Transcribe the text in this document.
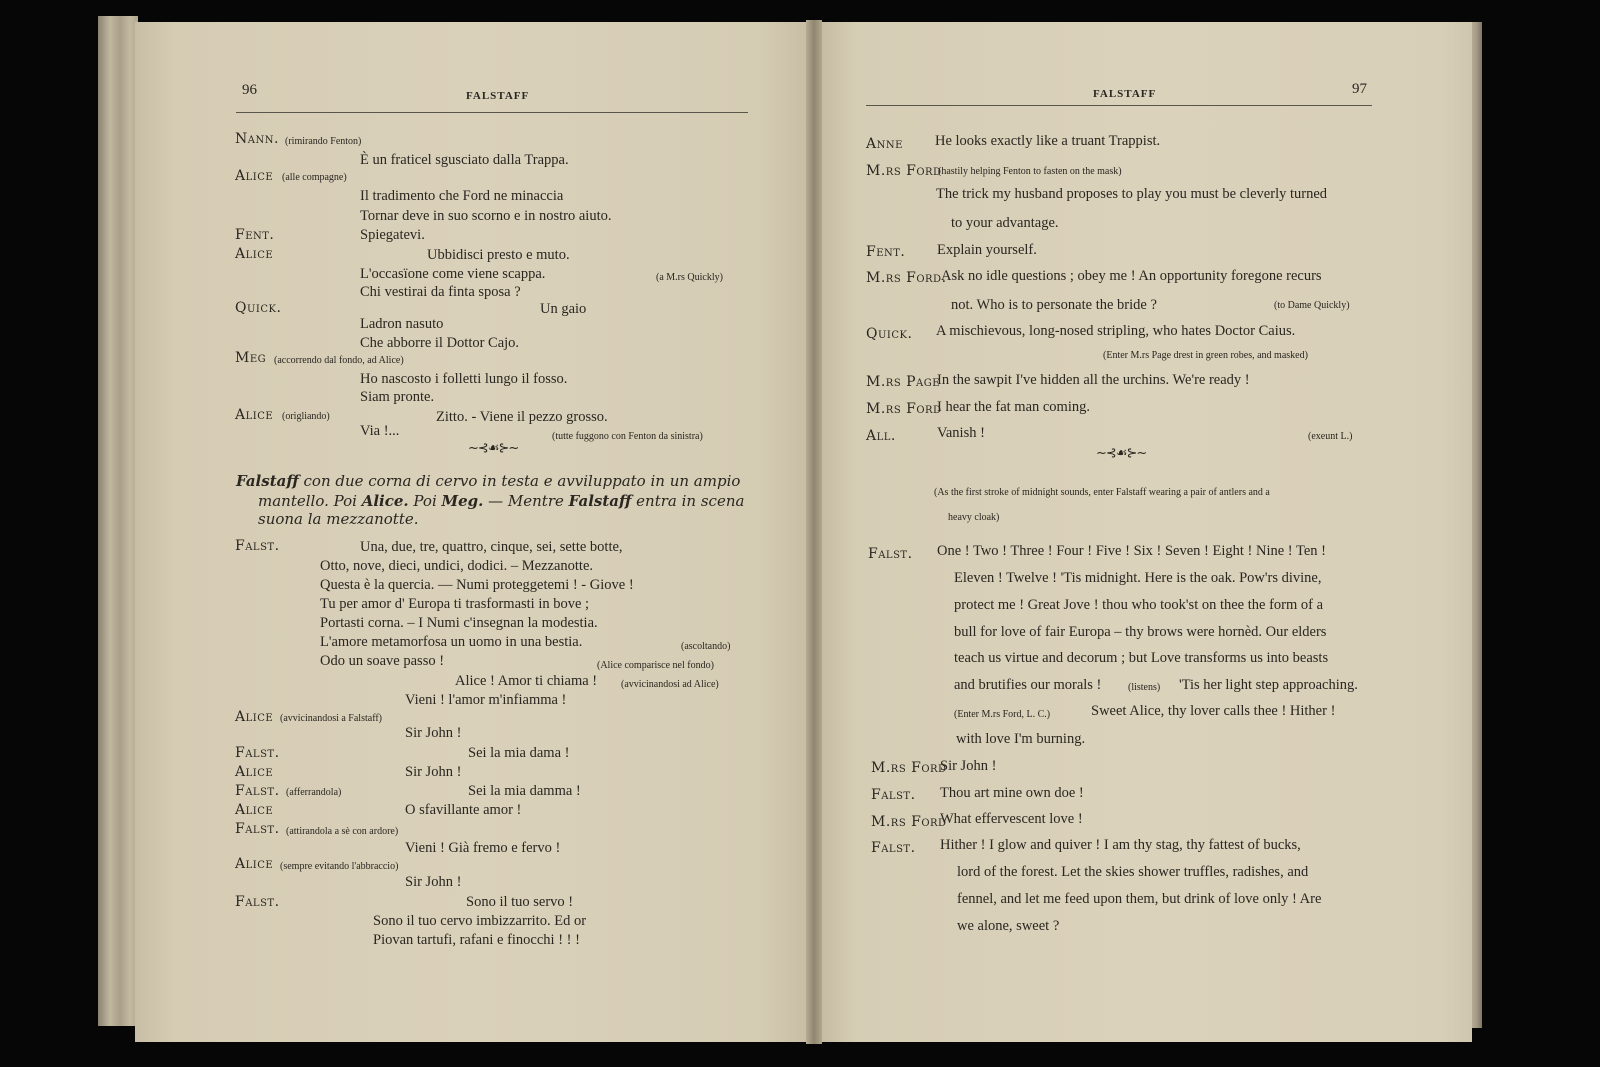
96	FALSTAFF
Nann. (rimirando Fenton)
È un fraticel sgusciato dalla Trappa.
Alice (alle compagne)
Il tradimento che Ford ne minaccia
Tornar deve in suo scorno e in nostro aiuto.
Fent.	Spiegatevi.
Alice	Ubbidisci presto e muto.
L'occasïone come viene scappa.	(a M.rs Quickly)
Chi vestirai da finta sposa ?
Quick.	Un gaio
Ladron nasuto
Che abborre il Dottor Cajo.
Meg (accorrendo dal fondo, ad Alice)
Ho nascosto i folletti lungo il fosso.
Siam pronte.
Alice (origliando)	Zitto. - Viene il pezzo grosso.
Via !...	(tutte fuggono con Fenton da sinistra)
~⊰☙⊱~
Falstaff con due corna di cervo in testa e avviluppato in un ampio
mantello. Poi Alice. Poi Meg. — Mentre Falstaff entra in scena
suona la mezzanotte.
Falst.	Una, due, tre, quattro, cinque, sei, sette botte,
Otto, nove, dieci, undici, dodici. – Mezzanotte.
Questa è la quercia. — Numi proteggetemi ! - Giove !
Tu per amor d' Europa ti trasformasti in bove ;
Portasti corna. – I Numi c'insegnan la modestia.
L'amore metamorfosa un uomo in una bestia.	(ascoltando)
Odo un soave passo !	(Alice comparisce nel fondo)
Alice ! Amor ti chiama ! (avvicinandosi ad Alice)
Vieni ! l'amor m'infiamma !
Alice (avvicinandosi a Falstaff)
Sir John !
Falst.	Sei la mia dama !
Alice	Sir John !
Falst. (afferrandola)	Sei la mia damma !
Alice	O sfavillante amor !
Falst. (attirandola a sè con ardore)
Vieni ! Già fremo e fervo !
Alice (sempre evitando l'abbraccio)
Sir John !
Falst.	Sono il tuo servo !
Sono il tuo cervo imbizzarrito. Ed or
Piovan tartufi, rafani e finocchi ! ! !
FALSTAFF	97
Anne He looks exactly like a truant Trappist.
M.rs Ford
(hastily helping Fenton to fasten on the mask)
The trick my husband proposes to play you must be cleverly turned
to your advantage.
Fent. Explain yourself.
M.rs Ford.
Ask no idle questions ; obey me ! An opportunity foregone recurs
not. Who is to personate the bride ?	(to Dame Quickly)
Quick. A mischievous, long-nosed stripling, who hates Doctor Caius.
(Enter M.rs Page drest in green robes, and masked)
M.rs Page
In the sawpit I've hidden all the urchins. We're ready !
M.rs Ford
I hear the fat man coming.
All.	Vanish !	(exeunt L.)
~⊰☙⊱~
(As the first stroke of midnight sounds, enter Falstaff wearing a pair of antlers and a
heavy cloak)
Falst. One ! Two ! Three ! Four ! Five ! Six ! Seven ! Eight ! Nine ! Ten !
Eleven ! Twelve ! 'Tis midnight. Here is the oak. Pow'rs divine,
protect me ! Great Jove ! thou who took'st on thee the form of a
bull for love of fair Europa – thy brows were hornèd. Our elders
teach us virtue and decorum ; but Love transforms us into beasts
and brutifies our morals !	(listens) 'Tis her light step approaching.
(Enter M.rs Ford, L. C.)	Sweet Alice, thy lover calls thee ! Hither !
with love I'm burning.
M.rs Ford
Sir John !
Falst. Thou art mine own doe !
M.rs Ford
What effervescent love !
Falst. Hither ! I glow and quiver ! I am thy stag, thy fattest of bucks,
lord of the forest. Let the skies shower truffles, radishes, and
fennel, and let me feed upon them, but drink of love only ! Are
we alone, sweet ?
